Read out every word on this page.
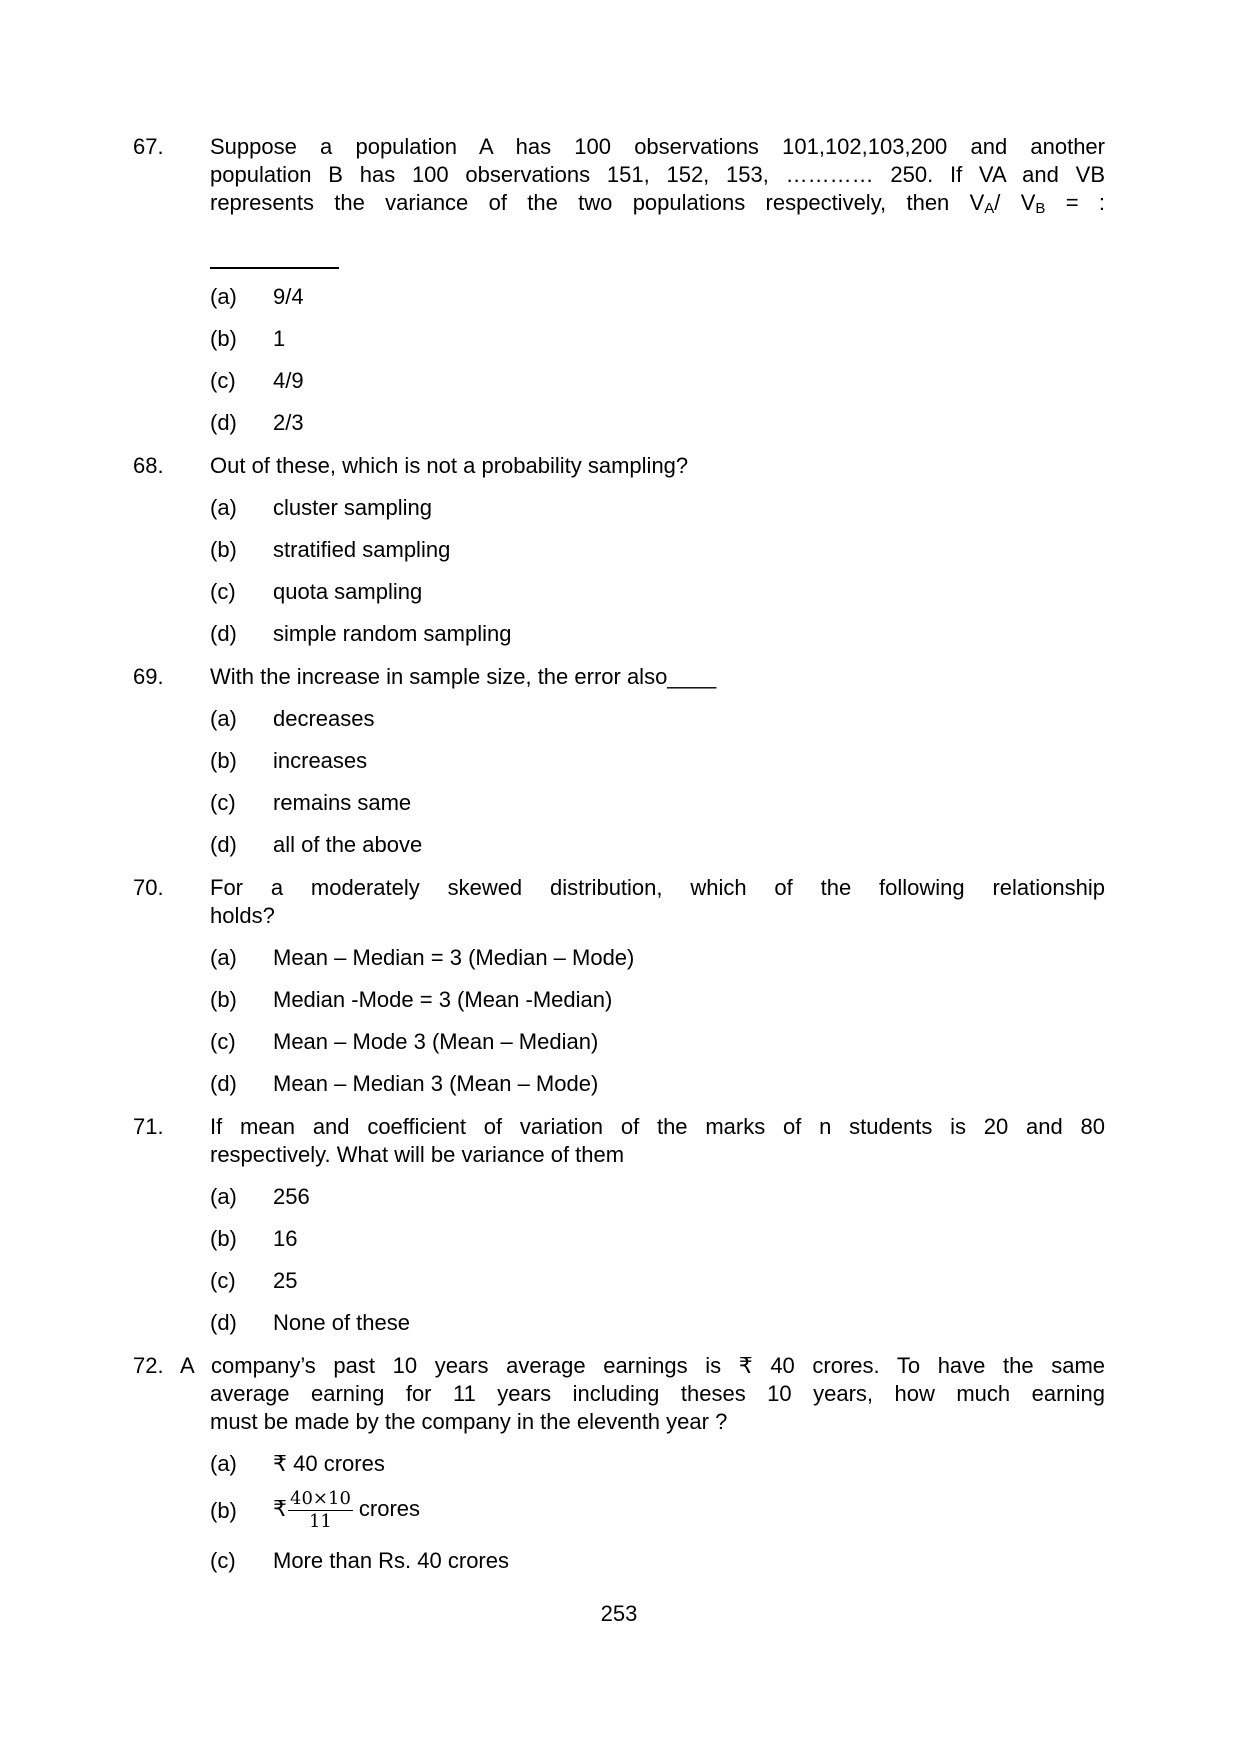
67.	Suppose a population A has 100 observations 101,102,103,200 and another
population B has 100 observations 151, 152, 153, ………… 250. If VA and VB
represents the variance of the two populations respectively, then VA/ VB = :
(a)	9/4
(b)	1
(c)	4/9
(d)	2/3
68.	Out of these, which is not a probability sampling?
(a)	cluster sampling
(b)	stratified sampling
(c)	quota sampling
(d)	simple random sampling
69.	With the increase in sample size, the error also____
(a)	decreases
(b)	increases
(c)	remains same
(d)	all of the above
70.	For a moderately skewed distribution, which of the following relationship
holds?
(a)	Mean – Median = 3 (Median – Mode)
(b)	Median -Mode = 3 (Mean -Median)
(c)	Mean – Mode 3 (Mean – Median)
(d)	Mean – Median 3 (Mean – Mode)
71.	If mean and coefficient of variation of the marks of n students is 20 and 80
respectively. What will be variance of them
(a)	256
(b)	16
(c)	25
(d)	None of these
72. A company’s past 10 years average earnings is ₹ 40 crores. To have the same
average earning for 11 years including theses 10 years, how much earning
must be made by the company in the eleventh year ?
(a)	₹ 40 crores
(b)	₹ $\frac{40\times 10}{11}$ crores
(c)	More than Rs. 40 crores
253
